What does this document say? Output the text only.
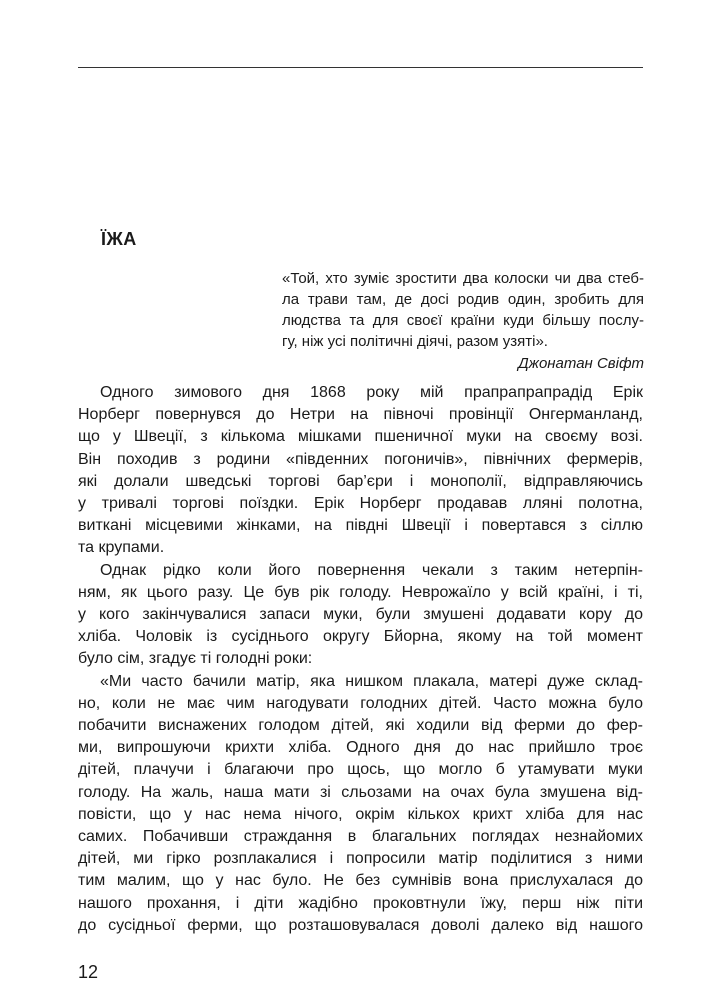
ЇЖА
«Той, хто зуміє зростити два колоски чи два стеб-
ла трави там, де досі родив один, зробить для
людства та для своєї країни куди більшу послу-
гу, ніж усі політичні діячі, разом узяті».
Джонатан Свіфт
Одного зимового дня 1868 року мій прапрапрапрадід Ерік
Норберг повернувся до Нетри на півночі провінції Онгерманланд,
що у Швеції, з кількома мішками пшеничної муки на своєму возі.
Він походив з родини «південних погоничів», північних фермерів,
які долали шведські торгові бар’єри і монополії, відправляючись
у тривалі торгові поїздки. Ерік Норберг продавав лляні полотна,
виткані місцевими жінками, на півдні Швеції і повертався з сіллю
та крупами.
Однак рідко коли його повернення чекали з таким нетерпін-
ням, як цього разу. Це був рік голоду. Неврожаїло у всій країні, і ті,
у кого закінчувалися запаси муки, були змушені додавати кору до
хліба. Чоловік із сусіднього округу Бйорна, якому на той момент
було сім, згадує ті голодні роки:
«Ми часто бачили матір, яка нишком плакала, матері дуже склад-
но, коли не має чим нагодувати голодних дітей. Часто можна було
побачити виснажених голодом дітей, які ходили від ферми до фер-
ми, випрошуючи крихти хліба. Одного дня до нас прийшло троє
дітей, плачучи і благаючи про щось, що могло б утамувати муки
голоду. На жаль, наша мати зі сльозами на очах була змушена від-
повісти, що у нас нема нічого, окрім кількох крихт хліба для нас
самих. Побачивши страждання в благальних поглядах незнайомих
дітей, ми гірко розплакалися і попросили матір поділитися з ними
тим малим, що у нас було. Не без сумнівів вона прислухалася до
нашого прохання, і діти жадібно проковтнули їжу, перш ніж піти
до сусідньої ферми, що розташовувалася доволі далеко від нашого
12
